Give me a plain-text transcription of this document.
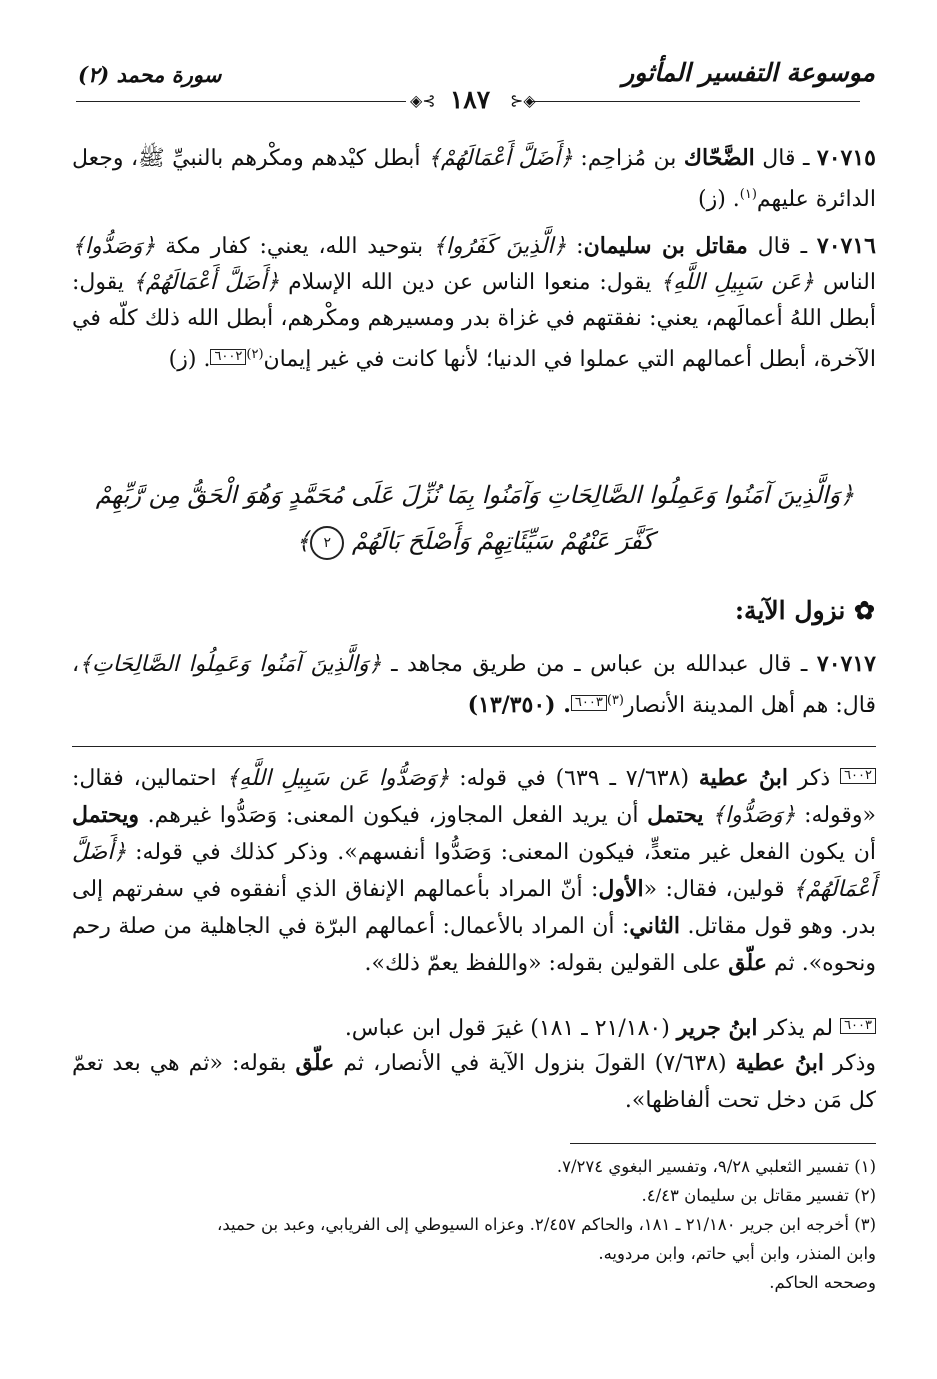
موسوعة التفسير المأثور
سورة محمد (٢)
◈⊰	⊱◈
١٨٧
٧٠٧١٥ ـ قال الضَّحّاك بن مُزاحِم: ﴿أَضَلَّ أَعْمَالَهُمْ﴾ أبطل كيْدهم ومكْرهم بالنبيِّ ﷺ، وجعل الدائرة عليهم$^{(١)}$. (ز)
٧٠٧١٦ ـ قال مقاتل بن سليمان: ﴿الَّذِينَ كَفَرُوا﴾ بتوحيد الله، يعني: كفار مكة ﴿وَصَدُّوا﴾ الناس ﴿عَن سَبِيلِ اللَّهِ﴾ يقول: منعوا الناس عن دين الله الإسلام ﴿أَضَلَّ أَعْمَالَهُمْ﴾ يقول: أبطل اللهُ أعمالَهم، يعني: نفقتهم في غزاة بدر ومسيرهم ومكْرهم، أبطل الله ذلك كلّه في الآخرة، أبطل أعمالهم التي عملوا في الدنيا؛ لأنها كانت في غير إيمان$^{(٢)}$٦٠٠٢. (ز)
﴿وَالَّذِينَ آمَنُوا وَعَمِلُوا الصَّالِحَاتِ وَآمَنُوا بِمَا نُزِّلَ عَلَى مُحَمَّدٍ وَهُوَ الْحَقُّ مِن رَّبِّهِمْ كَفَّرَ عَنْهُمْ سَيِّئَاتِهِمْ وَأَصْلَحَ بَالَهُمْ ٢﴾
✿ نزول الآية:
٧٠٧١٧ ـ قال عبدالله بن عباس ـ من طريق مجاهد ـ ﴿وَالَّذِينَ آمَنُوا وَعَمِلُوا الصَّالِحَاتِ﴾، قال: هم أهل المدينة الأنصار$^{(٣)}$٦٠٠٣. (١٣/٣٥٠)
٦٠٠٢ ذكر ابنُ عطية (٧/٦٣٨ ـ ٦٣٩) في قوله: ﴿وَصَدُّوا عَن سَبِيلِ اللَّهِ﴾ احتمالين، فقال: «وقوله: ﴿وَصَدُّوا﴾ يحتمل أن يريد الفعل المجاوز، فيكون المعنى: وَصَدُّوا غيرهم. ويحتمل أن يكون الفعل غير متعدٍّ، فيكون المعنى: وَصَدُّوا أنفسهم». وذكر كذلك في قوله: ﴿أَضَلَّ أَعْمَالَهُمْ﴾ قولين، فقال: «الأول: أنّ المراد بأعمالهم الإنفاق الذي أنفقوه في سفرتهم إلى بدر. وهو قول مقاتل. الثاني: أن المراد بالأعمال: أعمالهم البرّة في الجاهلية من صلة رحم ونحوه». ثم علّق على القولين بقوله: «واللفظ يعمّ ذلك».
٦٠٠٣ لم يذكر ابنُ جرير (٢١/١٨٠ ـ ١٨١) غيرَ قول ابن عباس.
وذكر ابنُ عطية (٧/٦٣٨) القولَ بنزول الآية في الأنصار، ثم علّق بقوله: «ثم هي بعد تعمّ كل مَن دخل تحت ألفاظها».
(١) تفسير الثعلبي ٩/٢٨، وتفسير البغوي ٧/٢٧٤.
(٢) تفسير مقاتل بن سليمان ٤/٤٣.
(٣) أخرجه ابن جرير ٢١/١٨٠ ـ ١٨١، والحاكم ٢/٤٥٧. وعزاه السيوطي إلى الفريابي، وعبد بن حميد،
وابن المنذر، وابن أبي حاتم، وابن مردويه.
وصححه الحاكم.
